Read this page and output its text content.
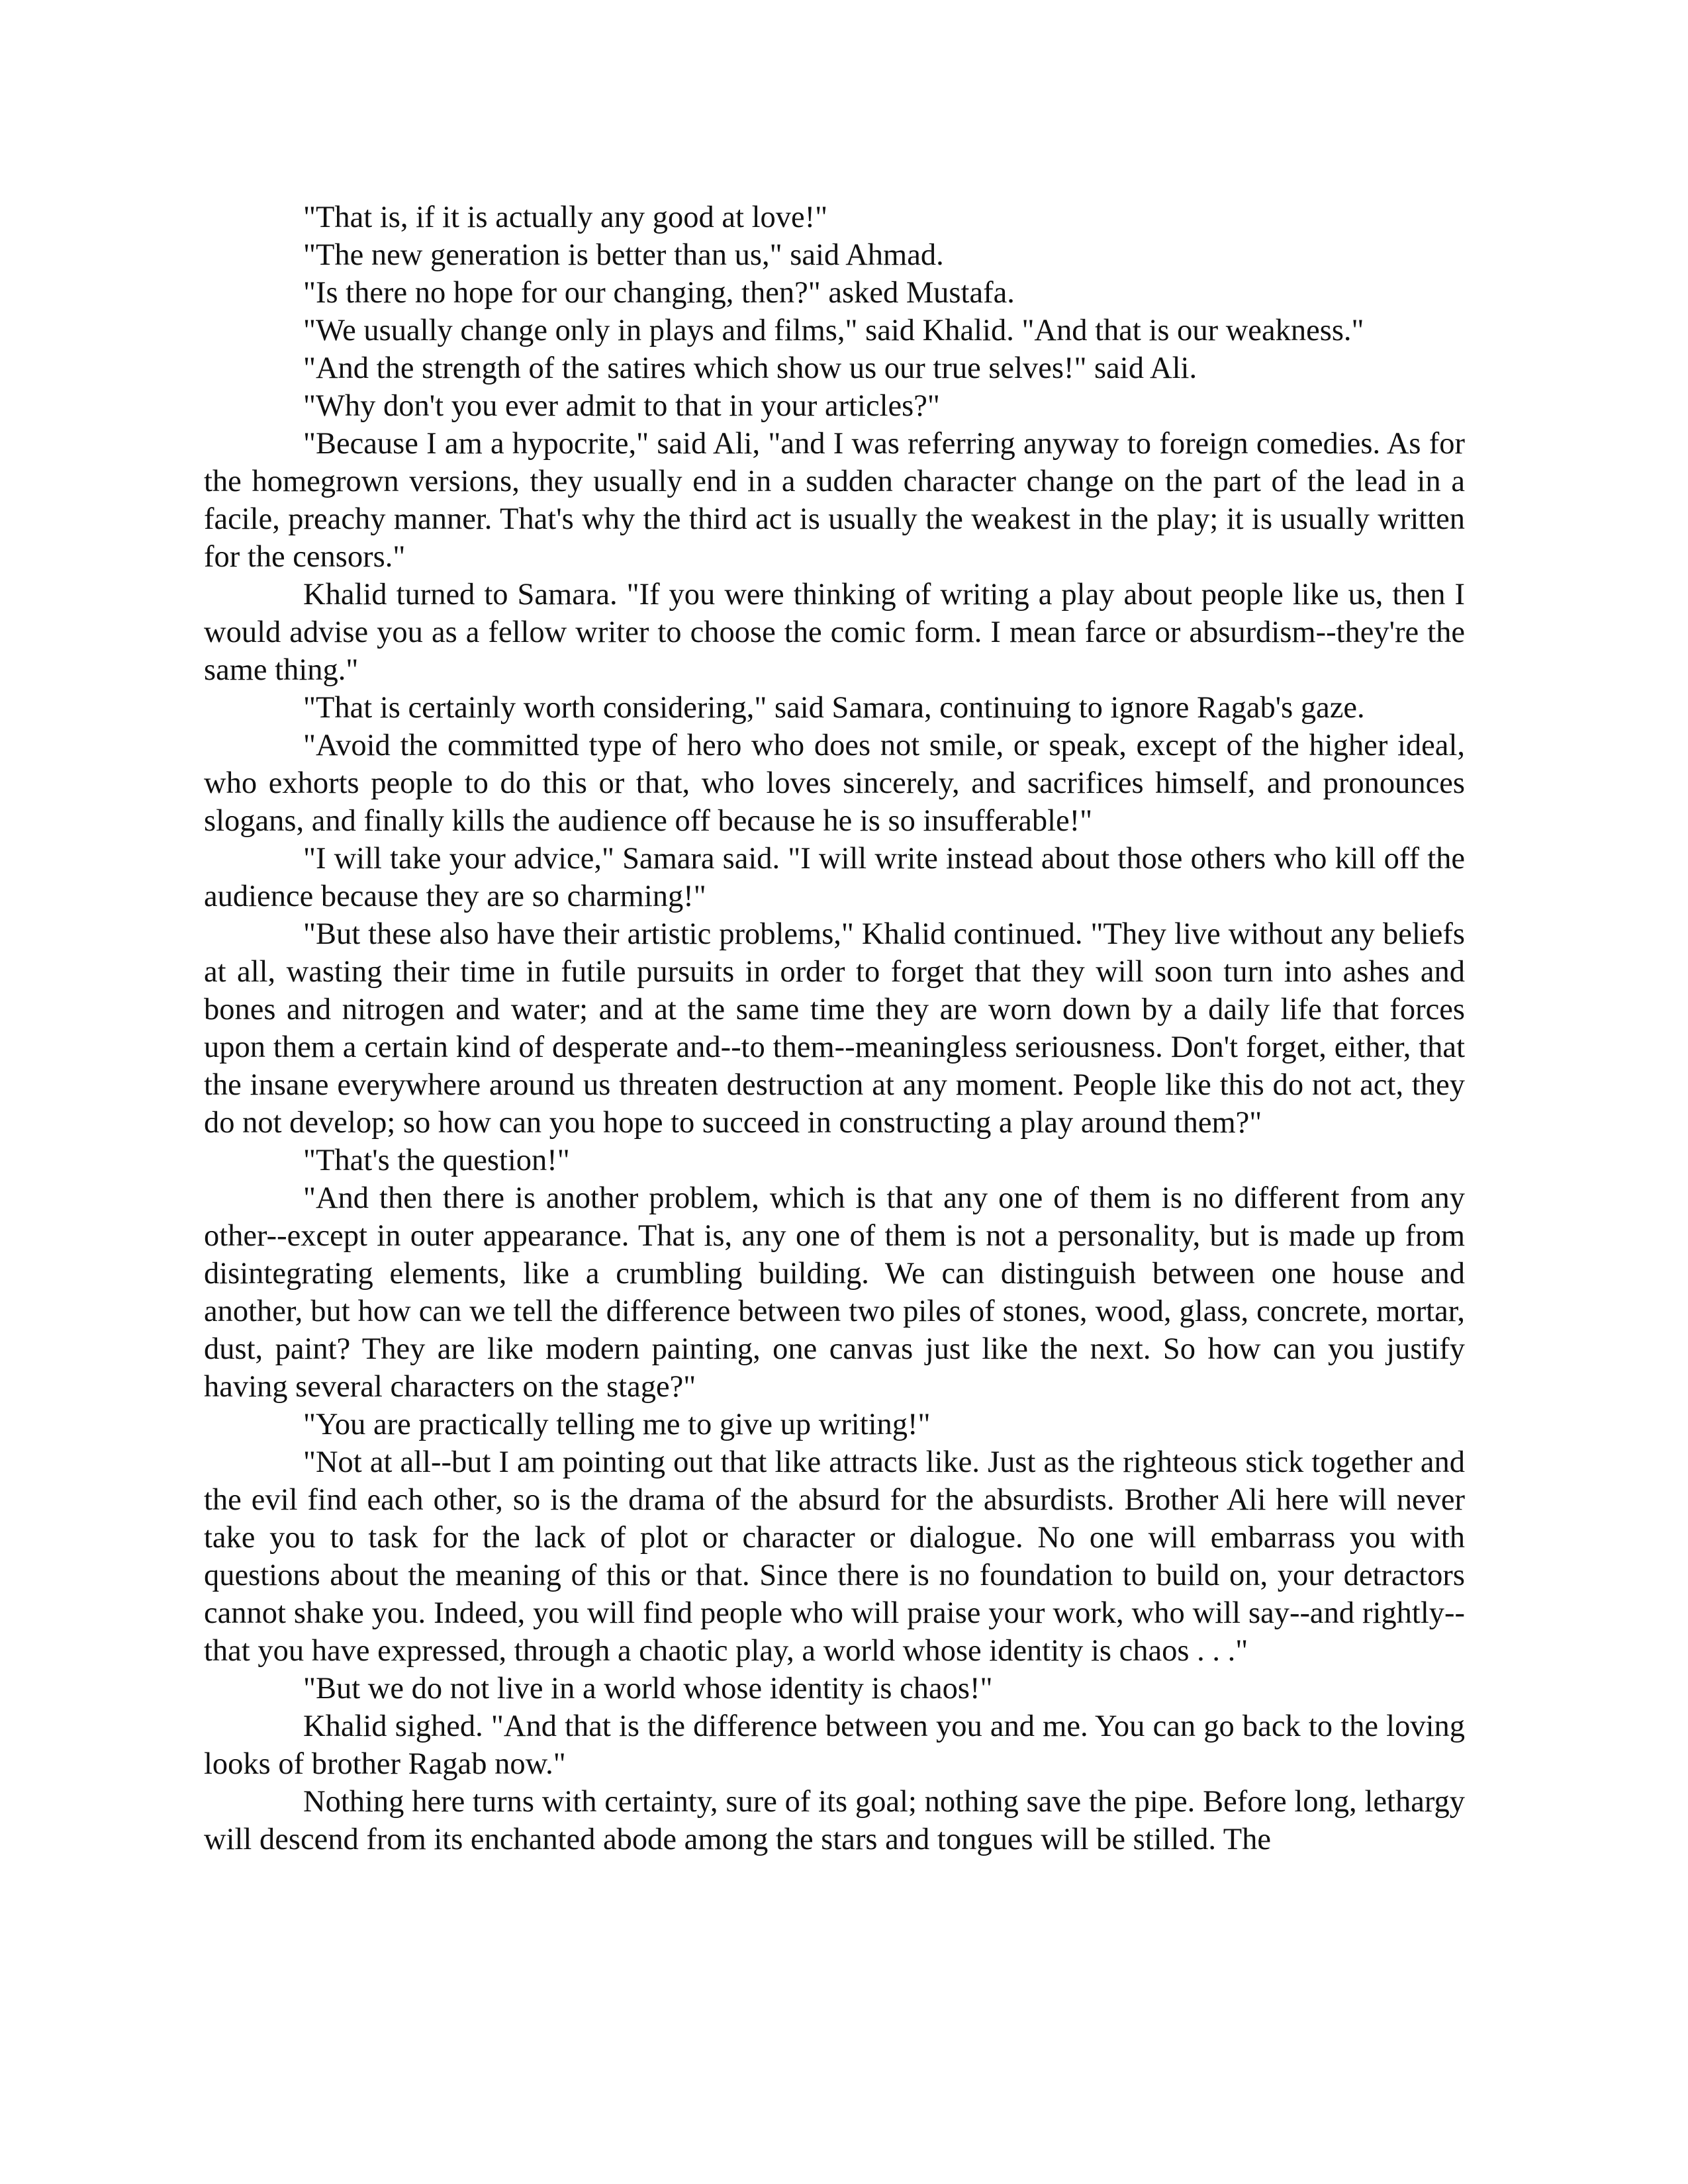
"That is, if it is actually any good at love!"

"The new generation is better than us," said Ahmad.

"Is there no hope for our changing, then?" asked Mustafa.

"We usually change only in plays and films," said Khalid. "And that is our weakness."

"And the strength of the satires which show us our true selves!" said Ali.

"Why don't you ever admit to that in your articles?"

"Because I am a hypocrite," said Ali, "and I was referring anyway to foreign comedies. As for the homegrown versions, they usually end in a sudden character change on the part of the lead in a facile, preachy manner. That's why the third act is usually the weakest in the play; it is usually written for the censors."

Khalid turned to Samara. "If you were thinking of writing a play about people like us, then I would advise you as a fellow writer to choose the comic form. I mean farce or absurdism--they're the same thing."

"That is certainly worth considering," said Samara, continuing to ignore Ragab's gaze.

"Avoid the committed type of hero who does not smile, or speak, except of the higher ideal, who exhorts people to do this or that, who loves sincerely, and sacrifices himself, and pronounces slogans, and finally kills the audience off because he is so insufferable!"

"I will take your advice," Samara said. "I will write instead about those others who kill off the audience because they are so charming!"

"But these also have their artistic problems," Khalid continued. "They live without any beliefs at all, wasting their time in futile pursuits in order to forget that they will soon turn into ashes and bones and nitrogen and water; and at the same time they are worn down by a daily life that forces upon them a certain kind of desperate and--to them--meaningless seriousness. Don't forget, either, that the insane everywhere around us threaten destruction at any moment. People like this do not act, they do not develop; so how can you hope to succeed in constructing a play around them?"

"That's the question!"

"And then there is another problem, which is that any one of them is no different from any other--except in outer appearance. That is, any one of them is not a personality, but is made up from disintegrating elements, like a crumbling building. We can distinguish between one house and another, but how can we tell the difference between two piles of stones, wood, glass, concrete, mortar, dust, paint? They are like modern painting, one canvas just like the next. So how can you justify having several characters on the stage?"

"You are practically telling me to give up writing!"

"Not at all--but I am pointing out that like attracts like. Just as the righteous stick together and the evil find each other, so is the drama of the absurd for the absurdists. Brother Ali here will never take you to task for the lack of plot or character or dialogue. No one will embarrass you with questions about the meaning of this or that. Since there is no foundation to build on, your detractors cannot shake you. Indeed, you will find people who will praise your work, who will say--and rightly--that you have expressed, through a chaotic play, a world whose identity is chaos . . ."

"But we do not live in a world whose identity is chaos!"

Khalid sighed. "And that is the difference between you and me. You can go back to the loving looks of brother Ragab now."

Nothing here turns with certainty, sure of its goal; nothing save the pipe. Before long, lethargy will descend from its enchanted abode among the stars and tongues will be stilled. The
